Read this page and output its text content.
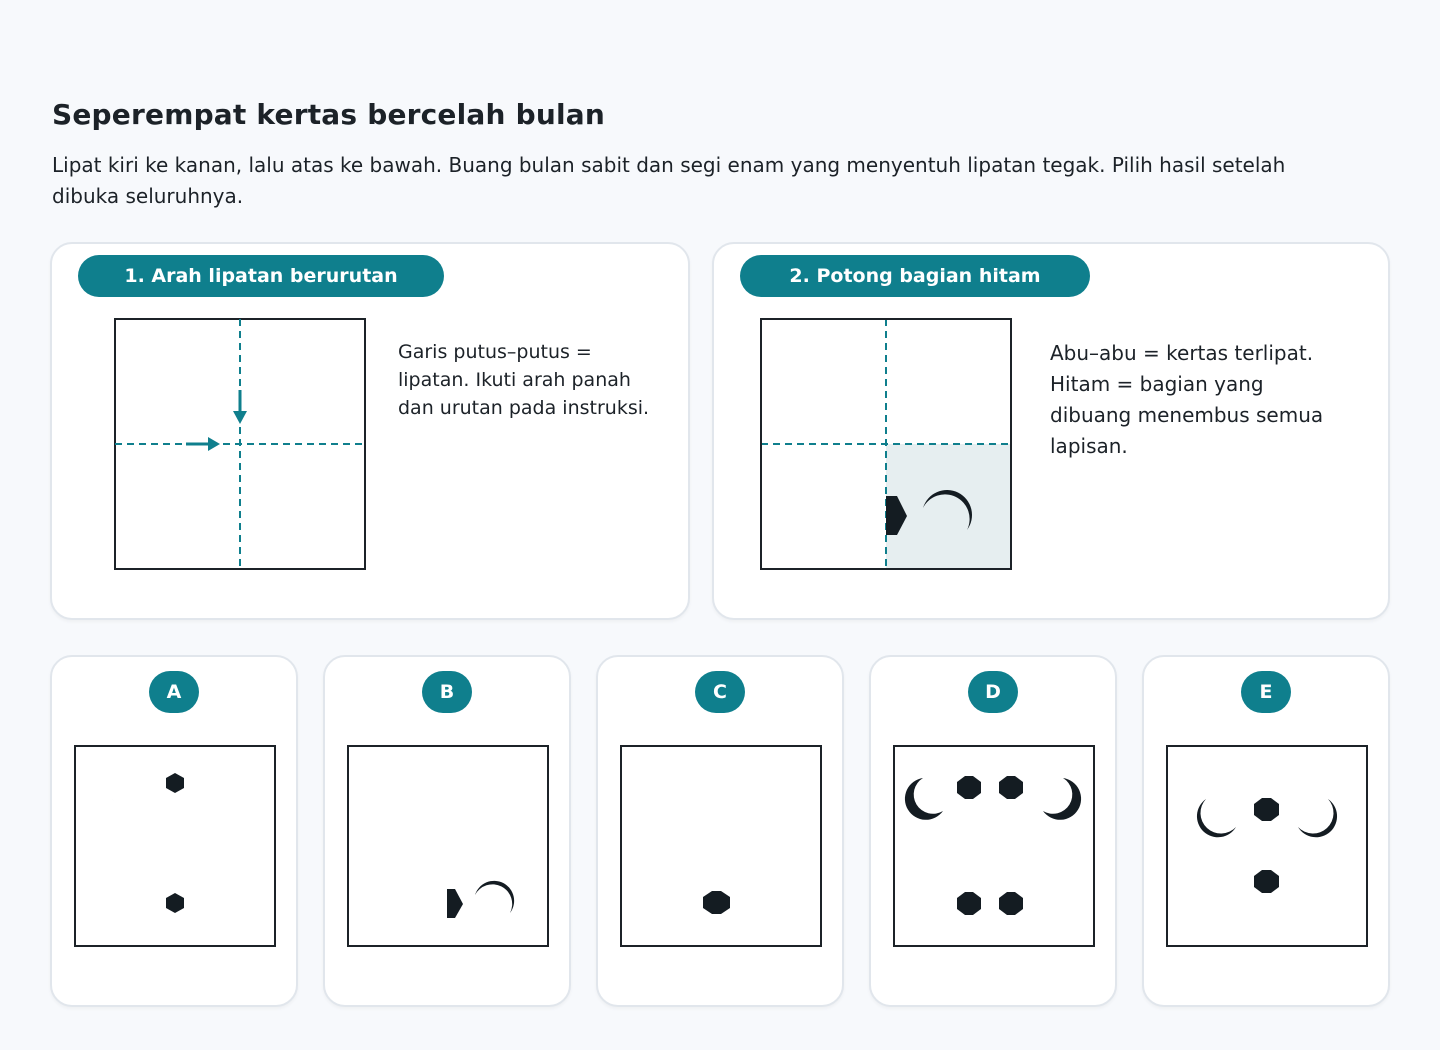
Seperempat kertas bercelah bulan
Lipat kiri ke kanan, lalu atas ke bawah. Buang bulan sabit dan segi enam yang menyentuh lipatan tegak. Pilih hasil setelah dibuka seluruhnya.
1. Arah lipatan berurutan
Garis putus–putus = lipatan. Ikuti arah panah dan urutan pada instruksi.
2. Potong bagian hitam
Abu–abu = kertas terlipat. Hitam = bagian yang dibuang menembus semua lapisan.
A	B	C	D	E
